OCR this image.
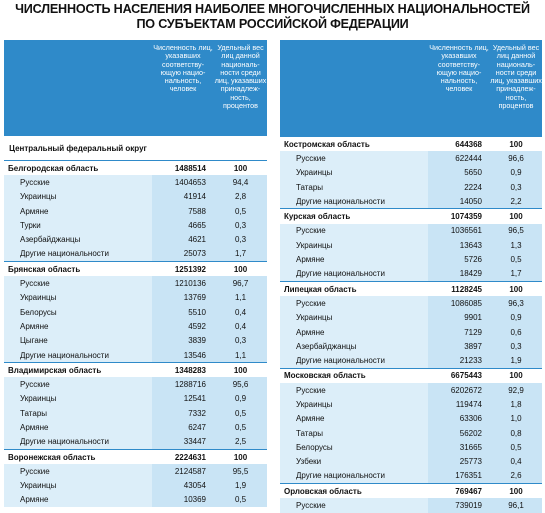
ЧИСЛЕННОСТЬ НАСЕЛЕНИЯ НАИБОЛЕЕ МНОГОЧИСЛЕННЫХ НАЦИОНАЛЬНОСТЕЙ
ПО СУБЪЕКТАМ РОССИЙСКОЙ ФЕДЕРАЦИИ
	Численность лиц, указавших соответству-ющую нацио-нальность, человек	Удельный вес лиц данной националь-ности среди лиц, указавших принадлеж-ность, процентов
Центральный федеральный округ		
Белгородская область	1488514	100
Русские	1404653	94,4
Украинцы	41914	2,8
Армяне	7588	0,5
Турки	4665	0,3
Азербайджанцы	4621	0,3
Другие национальности	25073	1,7
Брянская область	1251392	100
Русские	1210136	96,7
Украинцы	13769	1,1
Белорусы	5510	0,4
Армяне	4592	0,4
Цыгане	3839	0,3
Другие национальности	13546	1,1
Владимирская область	1348283	100
Русские	1288716	95,6
Украинцы	12541	0,9
Татары	7332	0,5
Армяне	6247	0,5
Другие национальности	33447	2,5
Воронежская область	2224631	100
Русские	2124587	95,5
Украинцы	43054	1,9
Армяне	10369	0,5
	Численность лиц, указавших соответству-ющую нацио-нальность, человек	Удельный вес лиц данной националь-ности среди лиц, указавших принадлеж-ность, процентов
Костромская область	644368	100
Русские	622444	96,6
Украинцы	5650	0,9
Татары	2224	0,3
Другие национальности	14050	2,2
Курская область	1074359	100
Русские	1036561	96,5
Украинцы	13643	1,3
Армяне	5726	0,5
Другие национальности	18429	1,7
Липецкая область	1128245	100
Русские	1086085	96,3
Украинцы	9901	0,9
Армяне	7129	0,6
Азербайджанцы	3897	0,3
Другие национальности	21233	1,9
Московская область	6675443	100
Русские	6202672	92,9
Украинцы	119474	1,8
Армяне	63306	1,0
Татары	56202	0,8
Белорусы	31665	0,5
Узбеки	25773	0,4
Другие национальности	176351	2,6
Орловская область	769467	100
Русские	739019	96,1
